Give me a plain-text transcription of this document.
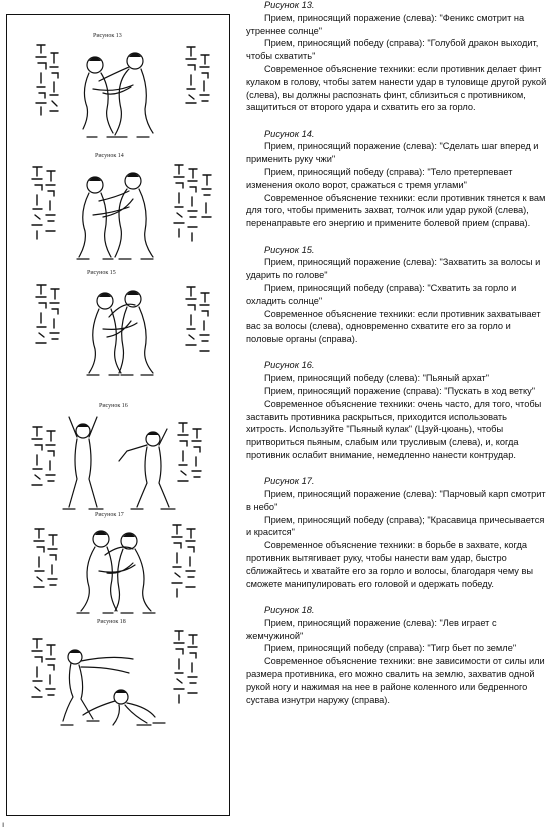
Рисунок 13
Рисунок 14
Рисунок 15
Рисунок 16
Рисунок 17
Рисунок 18
ı

Рисунок 13.

Прием, приносящий поражение (слева): "Феникс смотрит на утреннее солнце"

Прием, приносящий победу (справа): "Голубой дракон выходит, чтобы схватить"

Современное объяснение техники: если противник делает финт кулаком в голову, чтобы затем нанести удар в туловище другой рукой (слева), вы должны распознать финт, сблизиться с противником, защититься от второго удара и схватить его за горло.

Рисунок 14.

Прием, приносящий поражение (слева): "Сделать шаг вперед и применить руку чжи"

Прием, приносящий победу (справа): "Тело претерпевает изменения около ворот, сражаться с тремя углами"

Современное объяснение техники: если противник тянется к вам для того, чтобы применить захват, толчок или удар рукой (слева), перенаправьте его энергию и примените болевой прием (справа).

Рисунок 15.

Прием, приносящий поражение (слева): "Захватить за волосы и ударить по голове"

Прием, приносящий победу (справа): "Схватить за горло и охладить солнце"

Современное объяснение техники: если противник захватывает вас за волосы (слева), одновременно схватите его за горло и половые органы (справа).

Рисунок 16.

Прием, приносящий победу (слева): "Пьяный архат"

Прием, приносящий поражение (справа): "Пускать в ход ветку"

Современное объяснение техники: очень часто, для того, чтобы заставить противника раскрыться, приходится использовать хитрость. Используйте "Пьяный кулак" (Цзуй-цюань), чтобы притвориться пьяным, слабым или трусливым (слева), и, когда противник ослабит внимание, немедленно нанести контрудар.

Рисунок 17.

Прием, приносящий поражение (слева): "Парчовый карп смотрит в небо"

Прием, приносящий победу (справа); "Красавица причесывается и красится"

Современное объяснение техники: в борьбе в захвате, когда противник вытягивает руку, чтобы нанести вам удар, быстро сближайтесь и хватайте его за горло и волосы, благодаря чему вы сможете манипулировать его головой и одержать победу.

Рисунок 18.

Прием, приносящий поражение (слева): "Лев играет с жемчужиной"

Прием, приносящий победу (справа): "Тигр бьет по земле"

Современное объяснение техники: вне зависимости от силы или размера противника, его можно свалить на землю, захватив одной рукой ногу и нажимая на нее в районе коленного или бедренного сустава изнутри наружу (справа).
